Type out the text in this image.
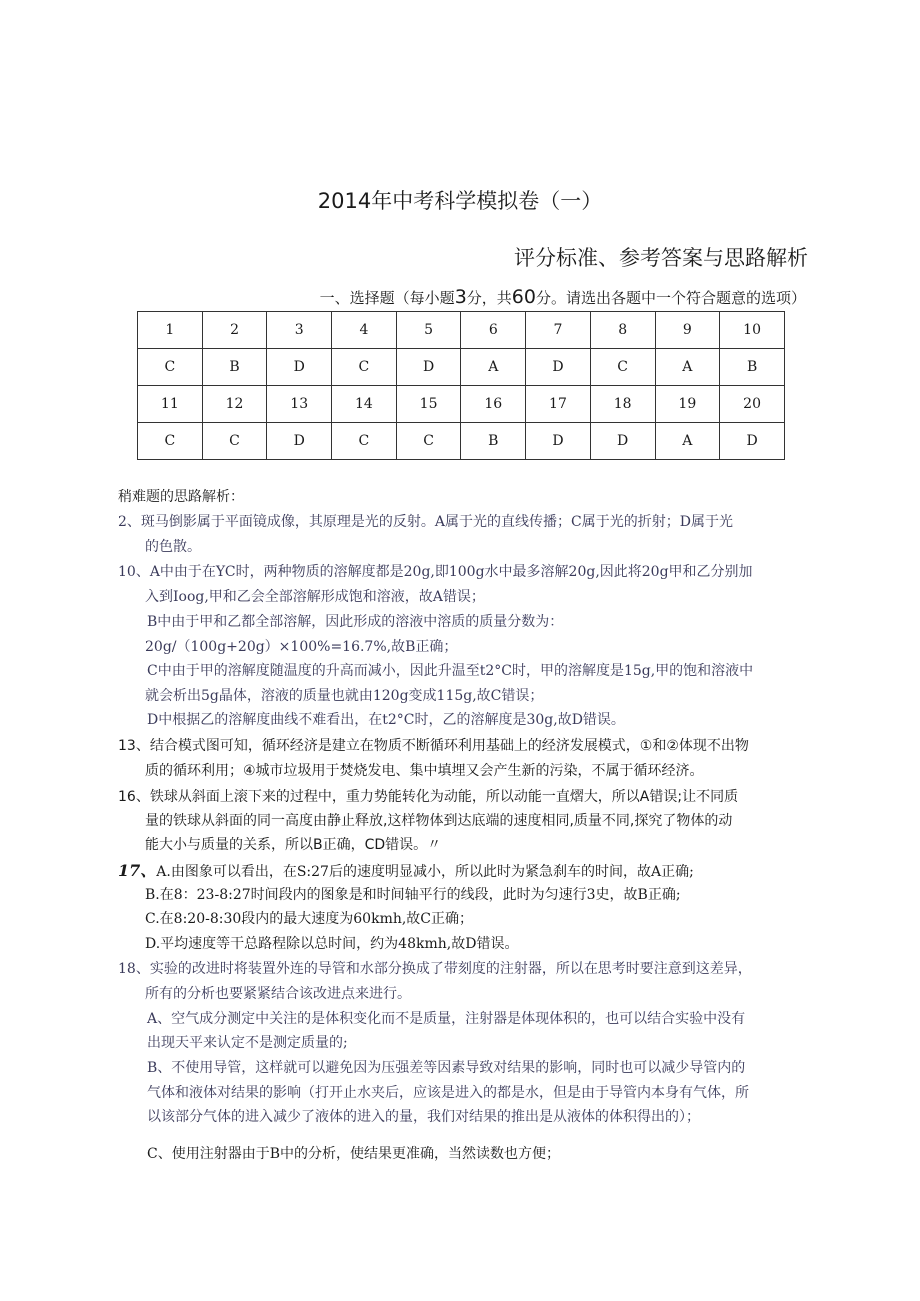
2014年中考科学模拟卷（一）
评分标准、参考答案与思路解析
一、选择题（每小题3分，共60分。请选出各题中一个符合题意的选项）
1	2	3	4	5	6	7	8	9	10
C	B	D	C	D	A	D	C	A	B
11	12	13	14	15	16	17	18	19	20
C	C	D	C	C	B	D	D	A	D
稍难题的思路解析：
2、斑马倒影属于平面镜成像，其原理是光的反射。A属于光的直线传播；C属于光的折射；D属于光
的色散。
10、A中由于在YC时，两种物质的溶解度都是20g,即100g水中最多溶解20g,因此将20g甲和乙分别加
入到Ioog,甲和乙会全部溶解形成饱和溶液，故A错误；
B中由于甲和乙都全部溶解，因此形成的溶液中溶质的质量分数为：
20g/（100g+20g）×100%=16.7%,故B正确；
C中由于甲的溶解度随温度的升高而减小，因此升温至t2°C时，甲的溶解度是15g,甲的饱和溶液中
就会析出5g晶体，溶液的质量也就由120g变成115g,故C错误；
D中根据乙的溶解度曲线不难看出，在t2°C时，乙的溶解度是30g,故D错误。
13、结合模式图可知，循环经济是建立在物质不断循环利用基础上的经济发展模式，①和②体现不出物
质的循环利用；④城市垃圾用于焚烧发电、集中填埋又会产生新的污染，不属于循环经济。
16、铁球从斜面上滚下来的过程中，重力势能转化为动能，所以动能一直熠大，所以A错误;让不同质
量的铁球从斜面的同一高度由静止释放,这样物体到达底端的速度相同,质量不同,探究了物体的动
能大小与质量的关系，所以B正确，CD错误。〃
17、A.由图象可以看出，在S:27后的速度明显减小，所以此时为紧急刹车的时间，故A正确;
B.在8：23-8:27时间段内的图象是和时间轴平行的线段，此时为匀速行3史，故B正确;
C.在8:20-8:30段内的最大速度为60kmh,故C正确；
D.平均速度等干总路程除以总时间，约为48kmh,故D错误。
18、实验的改进时将装置外连的导管和水部分换成了带刻度的注射器，所以在思考时要注意到这差异，
所有的分析也要紧紧结合该改进点来进行。
A、空气成分测定中关注的是体积变化而不是质量，注射器是体现体积的，也可以结合实验中没有
出现天平来认定不是测定质量的;
B、不使用导管，这样就可以避免因为压强差等因素导致对结果的影响，同时也可以减少导管内的
气体和液体对结果的影响（打开止水夹后，应该是进入的都是水，但是由于导管内本身有气体，所
以该部分气体的进入减少了液体的进入的量，我们对结果的推出是从液体的体积得出的）；
C、使用注射器由于B中的分析，使结果更准确，当然读数也方便；
